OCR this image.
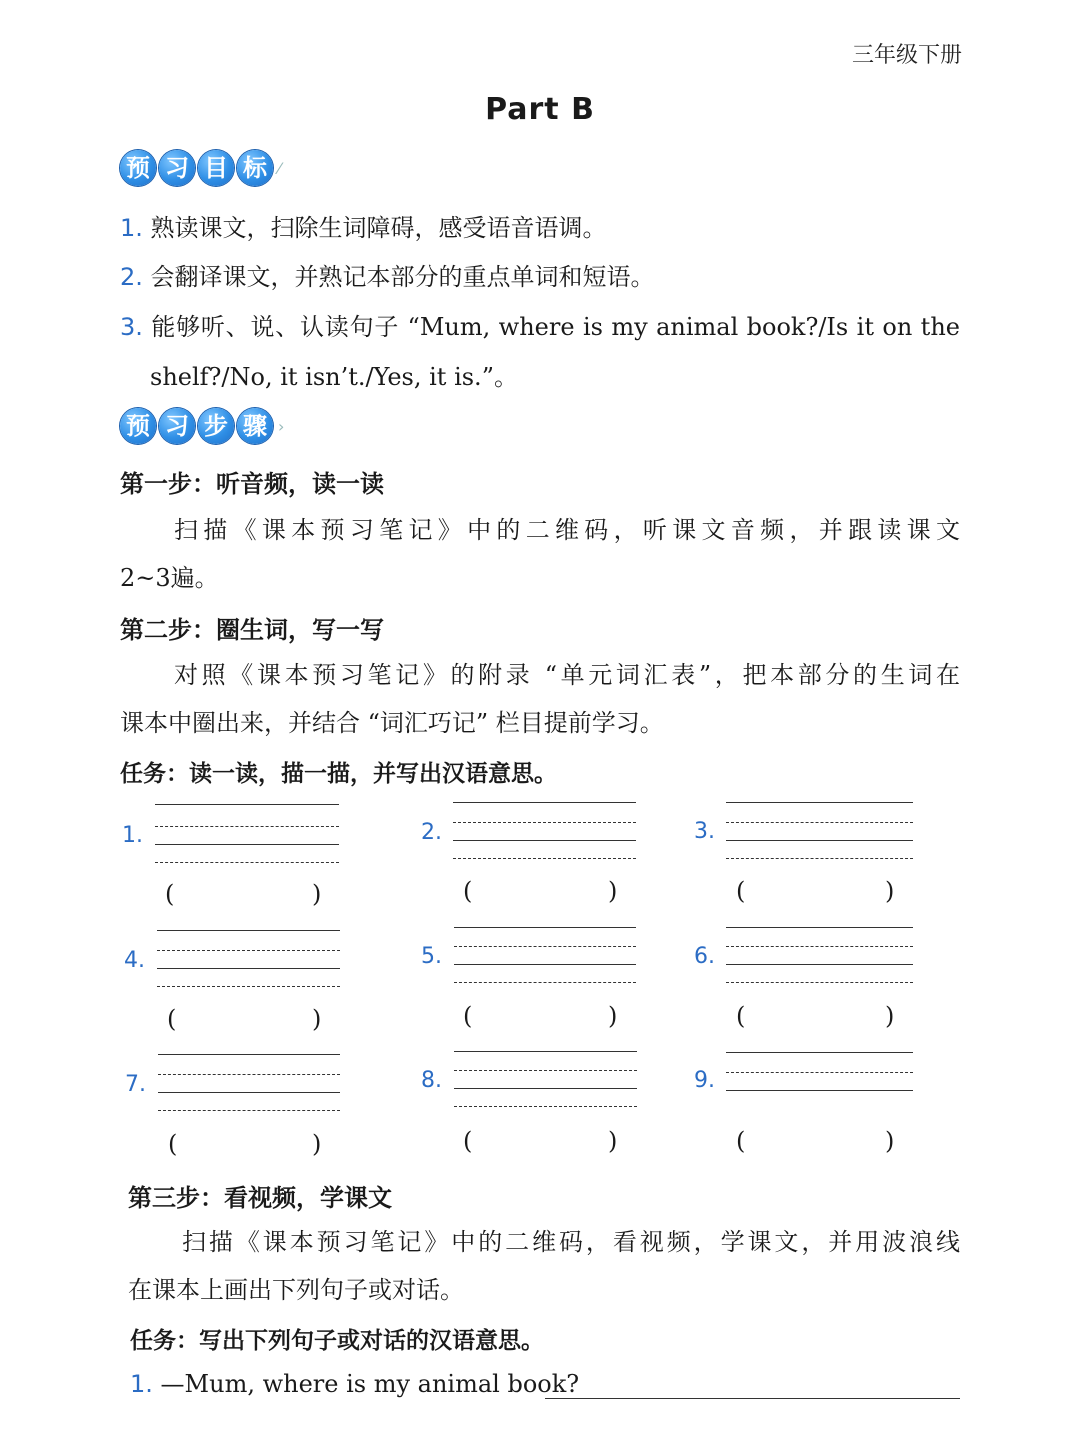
三年级下册
Part B
预 习 目 标 ⁄
1. 熟读课文，扫除生词障碍，感受语音语调。
2. 会翻译课文，并熟记本部分的重点单词和短语。
3. 能够听、说、认读句子 “Mum, where is my animal book?/Is it on the
shelf?/No, it isn’t./Yes, it is.”。
预 习 步 骤 ›
第一步：听音频，读一读
扫描《课本预习笔记》中的二维码，听课文音频，并跟读课文
2~3遍。
第二步：圈生词，写一写
对照《课本预习笔记》的附录 “单元词汇表”，把本部分的生词在
课本中圈出来，并结合 “词汇巧记” 栏目提前学习。
任务：读一读，描一描，并写出汉语意思。
1.
(	)
2.
(	)
3.
(	)
4.
(	)
5.
(	)
6.
(	)
7.
(	)
8.
(	)
9.
(	)
第三步：看视频，学课文
扫描《课本预习笔记》中的二维码，看视频，学课文，并用波浪线
在课本上画出下列句子或对话。
任务：写出下列句子或对话的汉语意思。
1. —Mum, where is my animal book?
